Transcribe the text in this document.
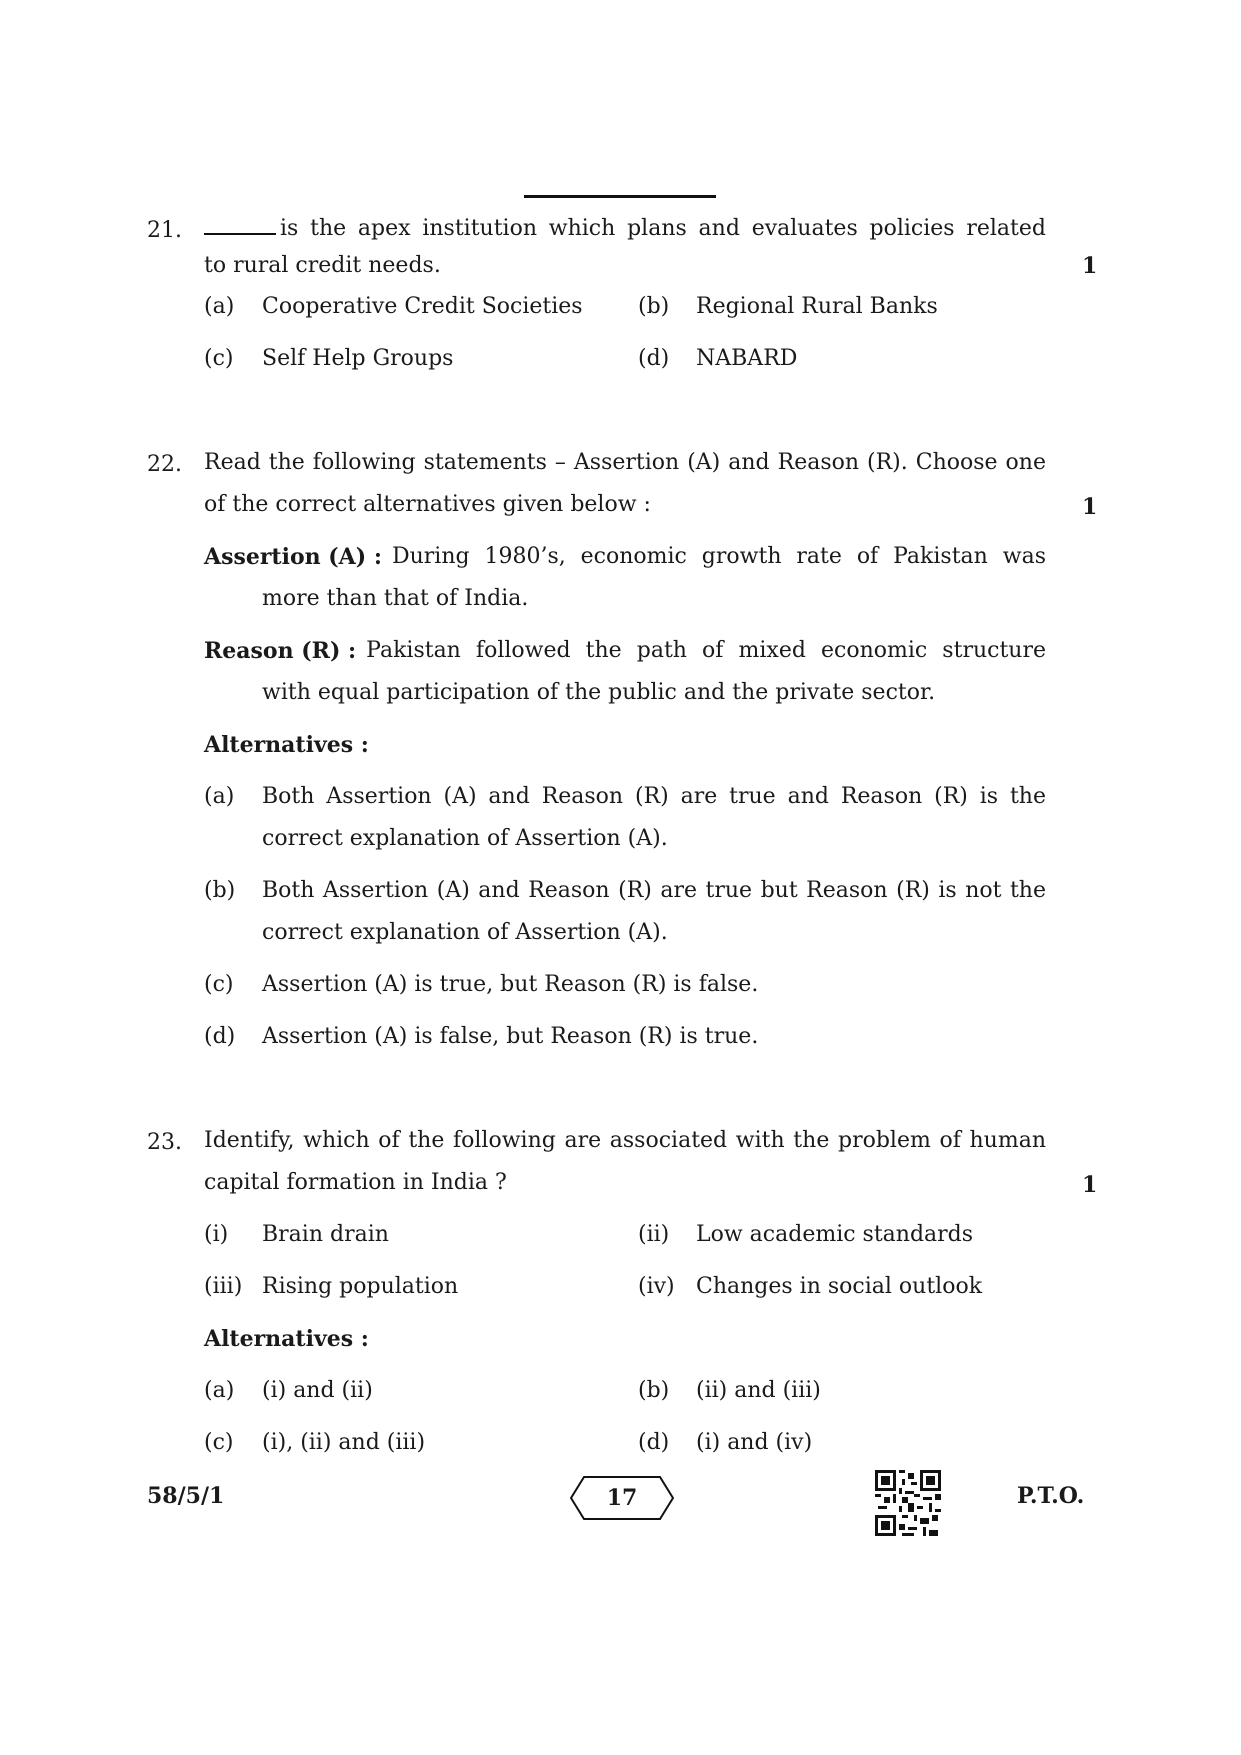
21.	is the apex institution which plans and evaluates policies related
to rural credit needs.	1
(a) Cooperative Credit Societies	(b) Regional Rural Banks
(c) Self Help Groups	(d) NABARD
22. Read the following statements – Assertion (A) and Reason (R). Choose one
of the correct alternatives given below :	1
Assertion (A) : During 1980’s, economic growth rate of Pakistan was
more than that of India.
Reason (R) : Pakistan followed the path of mixed economic structure
with equal participation of the public and the private sector.
Alternatives :
(a) Both Assertion (A) and Reason (R) are true and Reason (R) is the
correct explanation of Assertion (A).
(b) Both Assertion (A) and Reason (R) are true but Reason (R) is not the
correct explanation of Assertion (A).
(c) Assertion (A) is true, but Reason (R) is false.
(d) Assertion (A) is false, but Reason (R) is true.
23. Identify, which of the following are associated with the problem of human
capital formation in India ?	1
(i) Brain drain	(ii) Low academic standards
(iii) Rising population	(iv) Changes in social outlook
Alternatives :
(a) (i) and (ii)	(b) (ii) and (iii)
(c) (i), (ii) and (iii)	(d) (i) and (iv)
58/5/1	17	P.T.O.
